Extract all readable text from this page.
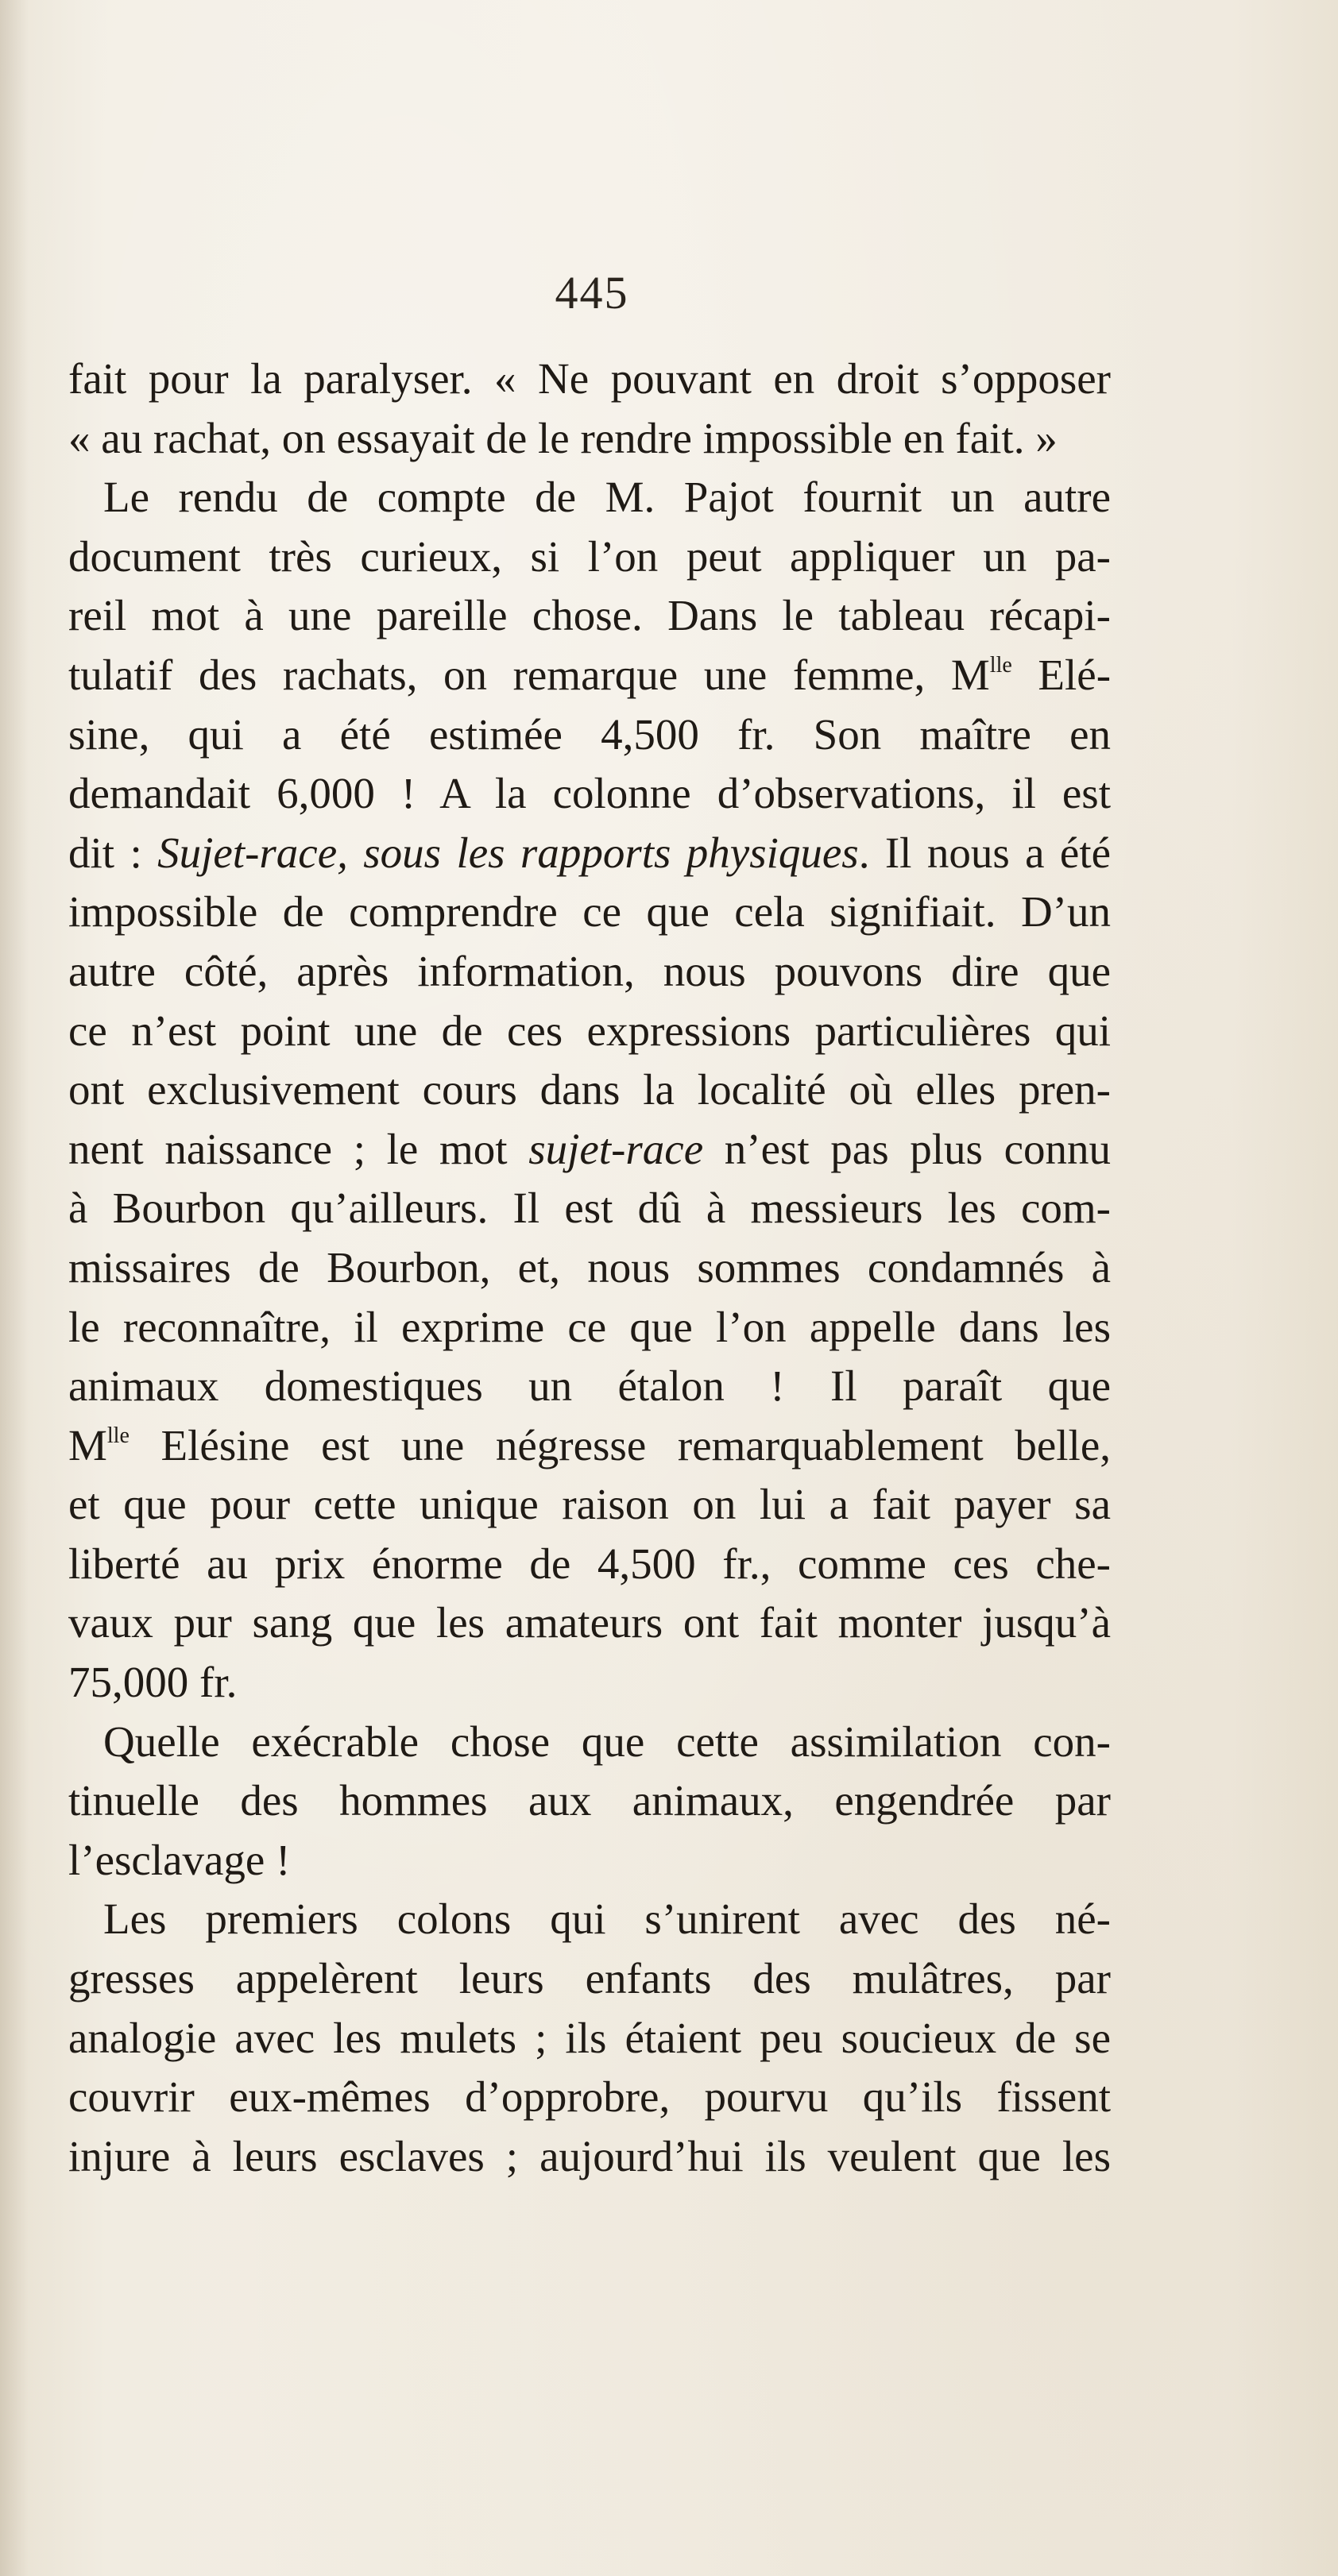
445
fait pour la paralyser. « Ne pouvant en droit s’opposer
« au rachat, on essayait de le rendre impossible en fait. »
Le rendu de compte de M. Pajot fournit un autre
document très curieux, si l’on peut appliquer un pa-
reil mot à une pareille chose. Dans le tableau récapi-
tulatif des rachats, on remarque une femme, $M^{lle}$ Elé-
sine, qui a été estimée 4,500 fr. Son maître en
demandait 6,000 ! A la colonne d’observations, il est
dit : Sujet-race, sous les rapports physiques. Il nous a été
impossible de comprendre ce que cela signifiait. D’un
autre côté, après information, nous pouvons dire que
ce n’est point une de ces expressions particulières qui
ont exclusivement cours dans la localité où elles pren-
nent naissance ; le mot sujet-race n’est pas plus connu
à Bourbon qu’ailleurs. Il est dû à messieurs les com-
missaires de Bourbon, et, nous sommes condamnés à
le reconnaître, il exprime ce que l’on appelle dans les
animaux domestiques un étalon ! Il paraît que
$M^{lle}$ Elésine est une négresse remarquablement belle,
et que pour cette unique raison on lui a fait payer sa
liberté au prix énorme de 4,500 fr., comme ces che-
vaux pur sang que les amateurs ont fait monter jusqu’à
75,000 fr.
Quelle exécrable chose que cette assimilation con-
tinuelle des hommes aux animaux, engendrée par
l’esclavage !
Les premiers colons qui s’unirent avec des né-
gresses appelèrent leurs enfants des mulâtres, par
analogie avec les mulets ; ils étaient peu soucieux de se
couvrir eux-mêmes d’opprobre, pourvu qu’ils fissent
injure à leurs esclaves ; aujourd’hui ils veulent que les
